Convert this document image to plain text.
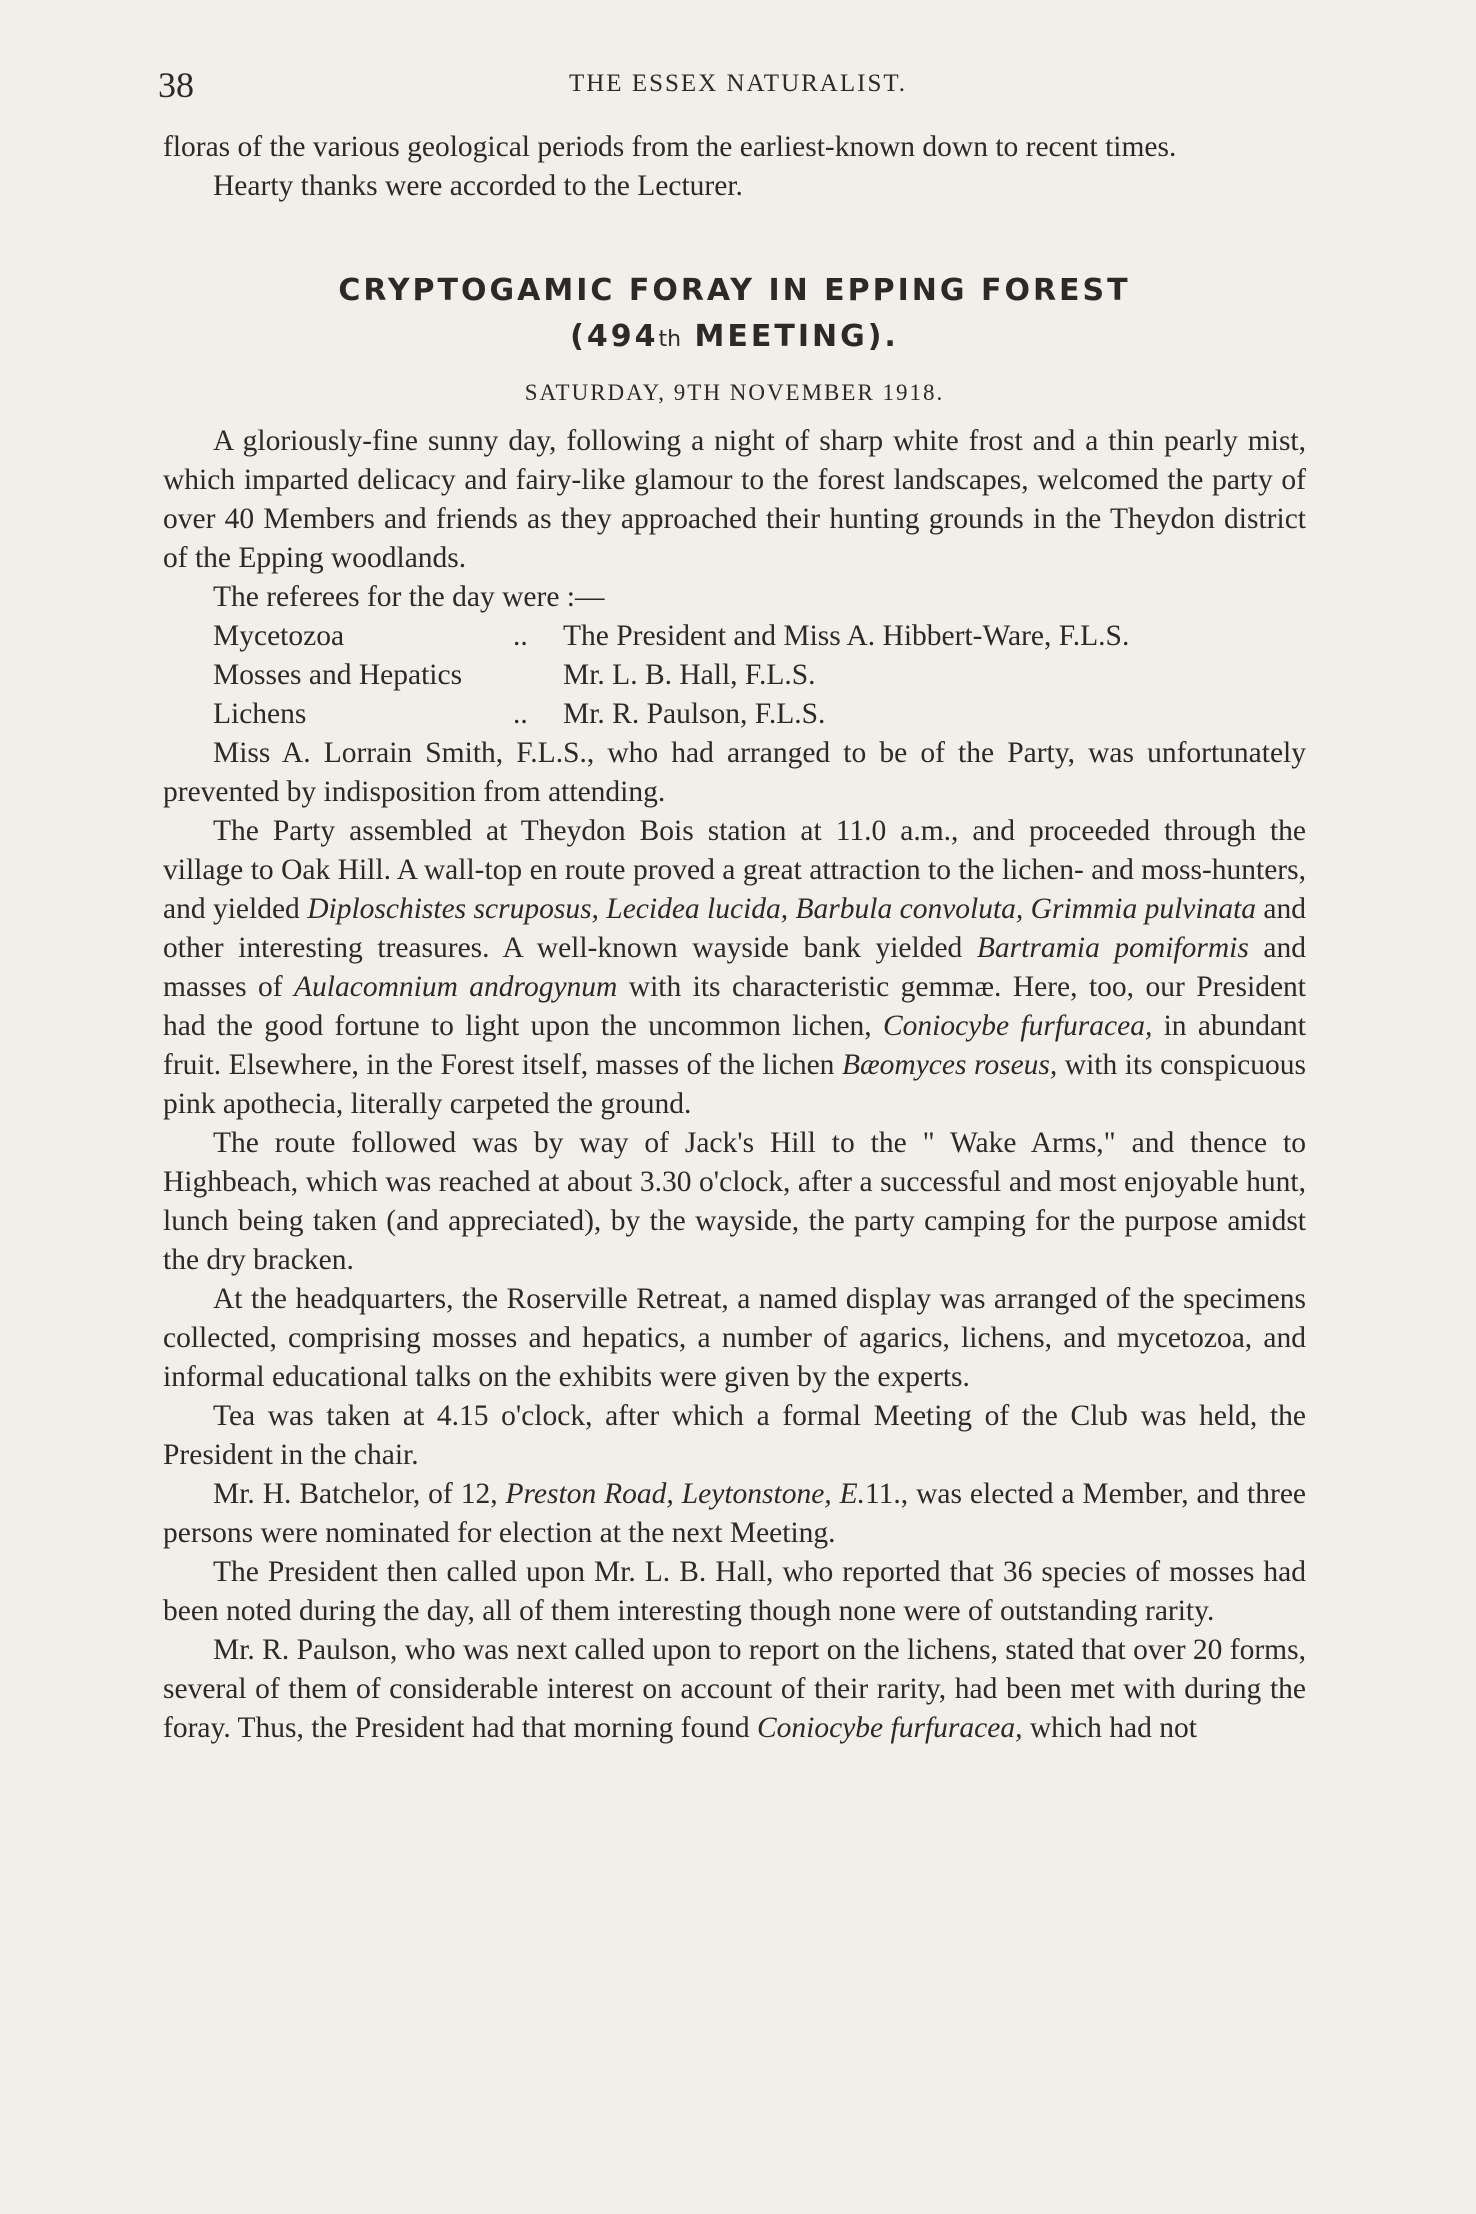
38	THE ESSEX NATURALIST.

floras of the various geological periods from the earliest-known down to recent times.

Hearty thanks were accorded to the Lecturer.

CRYPTOGAMIC FORAY IN EPPING FOREST
(494th MEETING).
SATURDAY, 9TH NOVEMBER 1918.

A gloriously-fine sunny day, following a night of sharp white frost and a thin pearly mist, which imparted delicacy and fairy-like glamour to the forest landscapes, welcomed the party of over 40 Members and friends as they approached their hunting grounds in the Theydon district of the Epping woodlands.

The referees for the day were :—

Mycetozoa	..	The President and Miss A. Hibbert-Ware, F.L.S.
Mosses and Hepatics	Mr. L. B. Hall, F.L.S.
Lichens	..	Mr. R. Paulson, F.L.S.

Miss A. Lorrain Smith, F.L.S., who had arranged to be of the Party, was unfortunately prevented by indisposition from attending.

The Party assembled at Theydon Bois station at 11.0 a.m., and proceeded through the village to Oak Hill. A wall-top en route proved a great attraction to the lichen- and moss-hunters, and yielded Diploschistes scruposus, Lecidea lucida, Barbula convoluta, Grimmia pulvinata and other interesting treasures. A well-known wayside bank yielded Bartramia pomiformis and masses of Aulacomnium androgynum with its characteristic gemmæ. Here, too, our President had the good fortune to light upon the uncommon lichen, Coniocybe furfuracea, in abundant fruit. Elsewhere, in the Forest itself, masses of the lichen Bæomyces roseus, with its conspicuous pink apothecia, literally carpeted the ground.

The route followed was by way of Jack's Hill to the " Wake Arms," and thence to Highbeach, which was reached at about 3.30 o'clock, after a successful and most enjoyable hunt, lunch being taken (and appreciated), by the wayside, the party camping for the purpose amidst the dry bracken.

At the headquarters, the Roserville Retreat, a named display was arranged of the specimens collected, comprising mosses and hepatics, a number of agarics, lichens, and mycetozoa, and informal educational talks on the exhibits were given by the experts.

Tea was taken at 4.15 o'clock, after which a formal Meeting of the Club was held, the President in the chair.

Mr. H. Batchelor, of 12, Preston Road, Leytonstone, E.11., was elected a Member, and three persons were nominated for election at the next Meeting.

The President then called upon Mr. L. B. Hall, who reported that 36 species of mosses had been noted during the day, all of them interesting though none were of outstanding rarity.

Mr. R. Paulson, who was next called upon to report on the lichens, stated that over 20 forms, several of them of considerable interest on account of their rarity, had been met with during the foray. Thus, the President had that morning found Coniocybe furfuracea, which had not
